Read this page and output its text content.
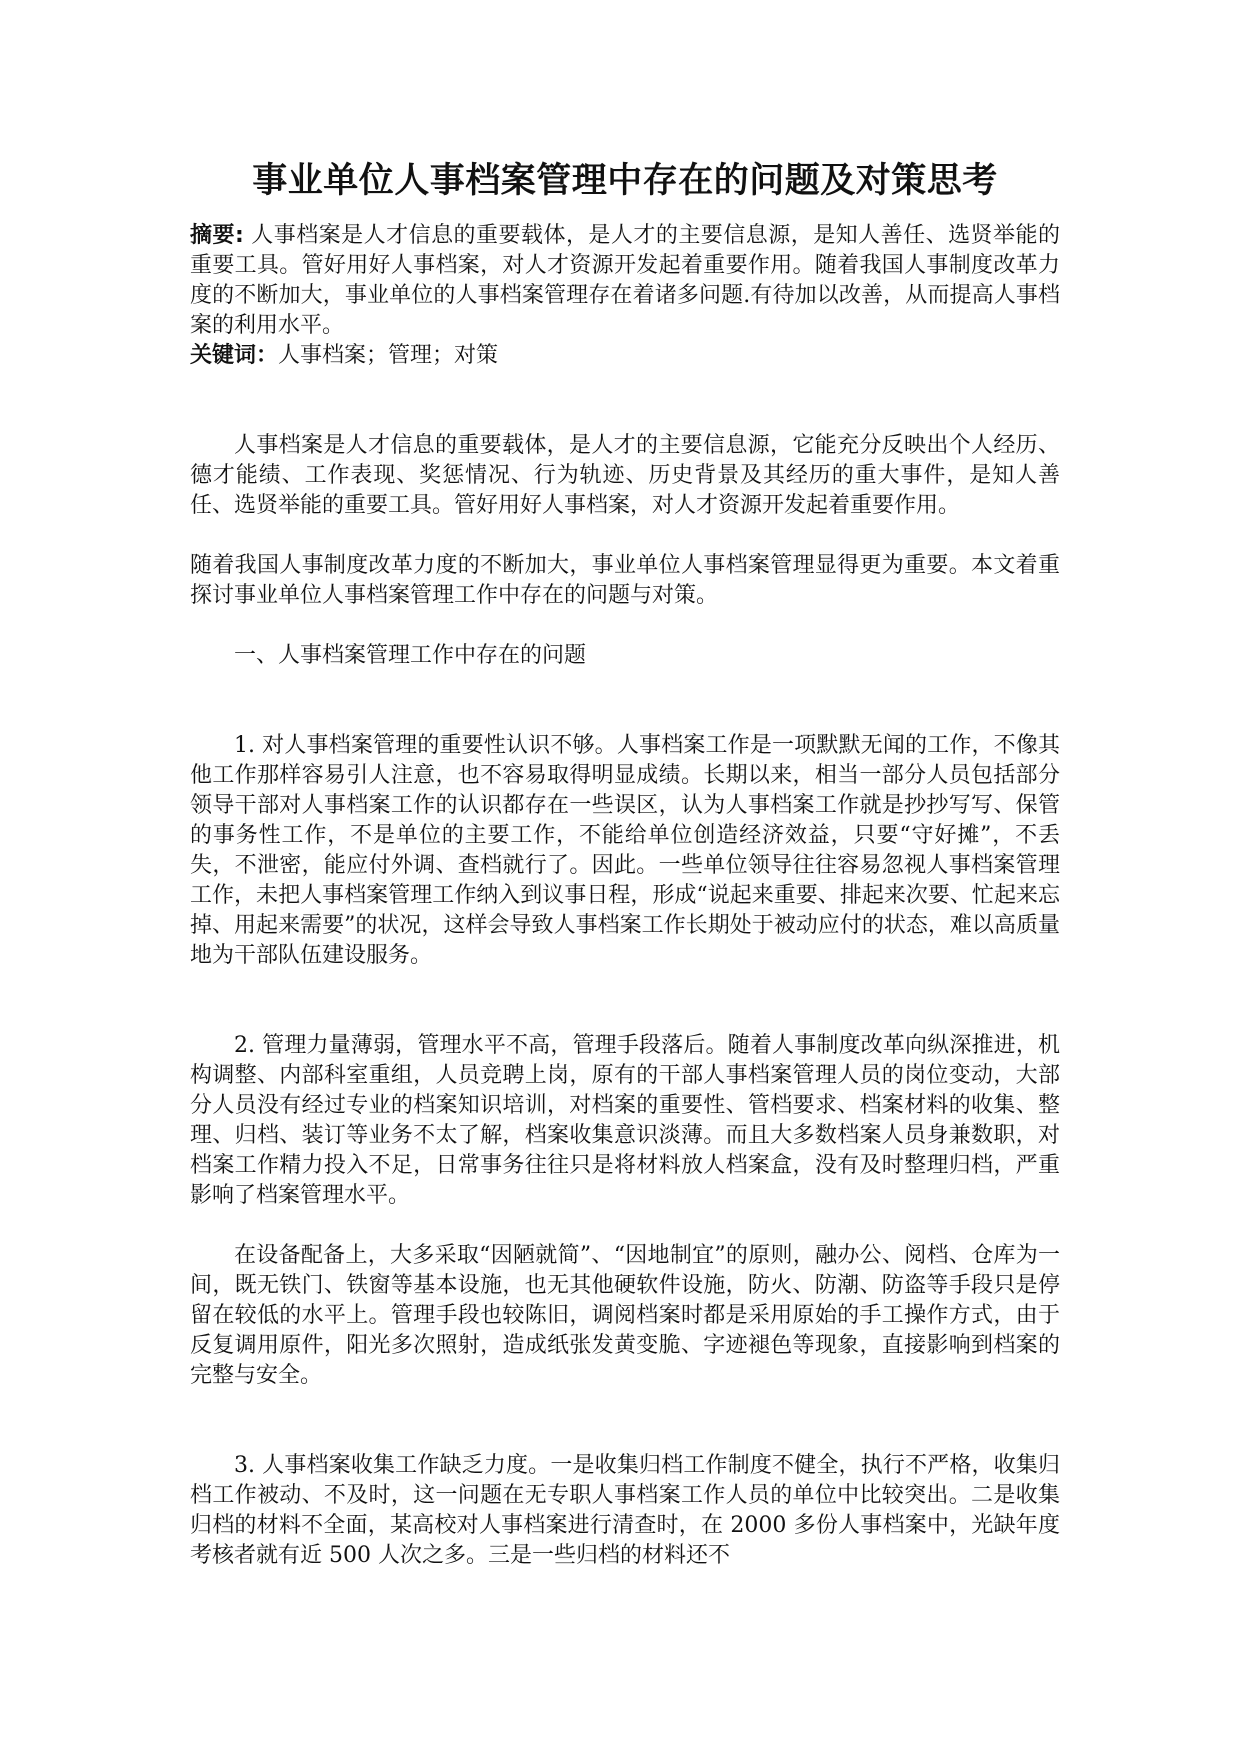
事业单位人事档案管理中存在的问题及对策思考

摘要: 人事档案是人才信息的重要载体，是人才的主要信息源，是知人善任、选贤举能的重要工具。管好用好人事档案，对人才资源开发起着重要作用。随着我国人事制度改革力度的不断加大，事业单位的人事档案管理存在着诸多问题.有待加以改善，从而提高人事档案的利用水平。

关键词：人事档案；管理；对策

人事档案是人才信息的重要载体，是人才的主要信息源，它能充分反映出个人经历、德才能绩、工作表现、奖惩情况、行为轨迹、历史背景及其经历的重大事件，是知人善任、选贤举能的重要工具。管好用好人事档案，对人才资源开发起着重要作用。

随着我国人事制度改革力度的不断加大，事业单位人事档案管理显得更为重要。本文着重探讨事业单位人事档案管理工作中存在的问题与对策。

一、人事档案管理工作中存在的问题

1. 对人事档案管理的重要性认识不够。人事档案工作是一项默默无闻的工作，不像其他工作那样容易引人注意，也不容易取得明显成绩。长期以来，相当一部分人员包括部分领导干部对人事档案工作的认识都存在一些误区，认为人事档案工作就是抄抄写写、保管的事务性工作，不是单位的主要工作，不能给单位创造经济效益，只要“守好摊”，不丢失，不泄密，能应付外调、查档就行了。因此。一些单位领导往往容易忽视人事档案管理工作，未把人事档案管理工作纳入到议事日程，形成“说起来重要、排起来次要、忙起来忘掉、用起来需要”的状况，这样会导致人事档案工作长期处于被动应付的状态，难以高质量地为干部队伍建设服务。

2. 管理力量薄弱，管理水平不高，管理手段落后。随着人事制度改革向纵深推进，机构调整、内部科室重组，人员竞聘上岗，原有的干部人事档案管理人员的岗位变动，大部分人员没有经过专业的档案知识培训，对档案的重要性、管档要求、档案材料的收集、整理、归档、装订等业务不太了解，档案收集意识淡薄。而且大多数档案人员身兼数职，对档案工作精力投入不足，日常事务往往只是将材料放人档案盒，没有及时整理归档，严重影响了档案管理水平。

在设备配备上，大多采取“因陋就简”、“因地制宜”的原则，融办公、阅档、仓库为一间，既无铁门、铁窗等基本设施，也无其他硬软件设施，防火、防潮、防盗等手段只是停留在较低的水平上。管理手段也较陈旧，调阅档案时都是采用原始的手工操作方式，由于反复调用原件，阳光多次照射，造成纸张发黄变脆、字迹褪色等现象，直接影响到档案的完整与安全。

3. 人事档案收集工作缺乏力度。一是收集归档工作制度不健全，执行不严格，收集归档工作被动、不及时，这一问题在无专职人事档案工作人员的单位中比较突出。二是收集归档的材料不全面，某高校对人事档案进行清查时，在 2000 多份人事档案中，光缺年度考核者就有近 500 人次之多。三是一些归档的材料还不
